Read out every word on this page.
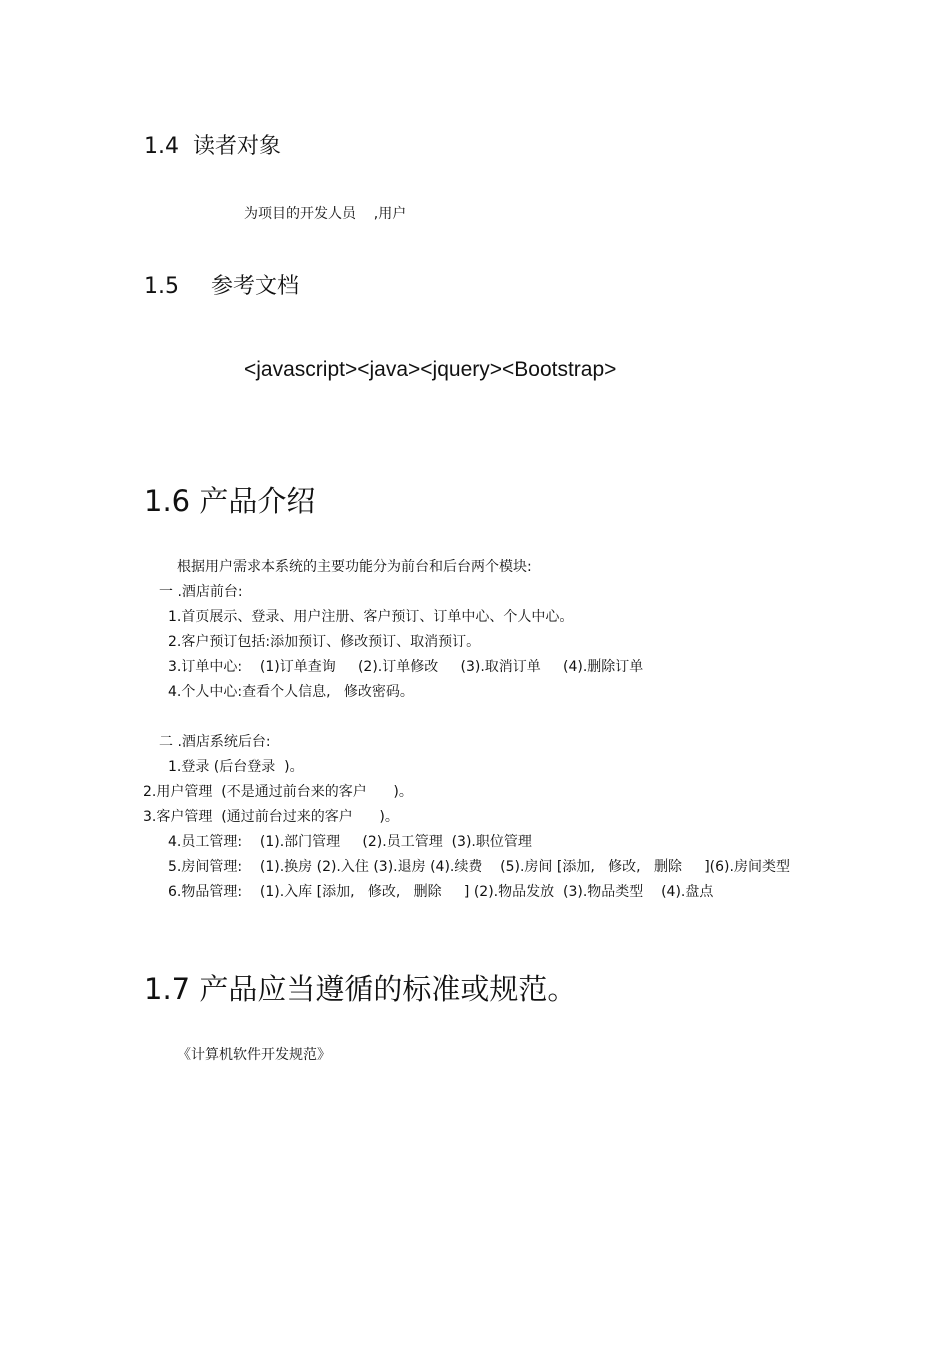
1.4  读者对象
为项目的开发人员    ,用户
1.5 参考文档
<javascript><java><jquery><Bootstrap>
1.6 产品介绍
根据用户需求本系统的主要功能分为前台和后台两个模块:
一 .酒店前台:
1.首页展示、登录、用户注册、客户预订、订单中心、个人中心。
2.客户预订包括:添加预订、修改预订、取消预订。
3.订单中心:    (1)订单查询     (2).订单修改     (3).取消订单     (4).删除订单
4.个人中心:查看个人信息,   修改密码。
二 .酒店系统后台:
1.登录 (后台登录  )。
2.用户管理  (不是通过前台来的客户      )。
3.客户管理  (通过前台过来的客户      )。
4.员工管理:    (1).部门管理     (2).员工管理  (3).职位管理
5.房间管理:    (1).换房 (2).入住 (3).退房 (4).续费    (5).房间 [添加,   修改,   删除     ](6).房间类型
6.物品管理:    (1).入库 [添加,   修改,   删除     ] (2).物品发放  (3).物品类型    (4).盘点
1.7 产品应当遵循的标准或规范。
《计算机软件开发规范》
